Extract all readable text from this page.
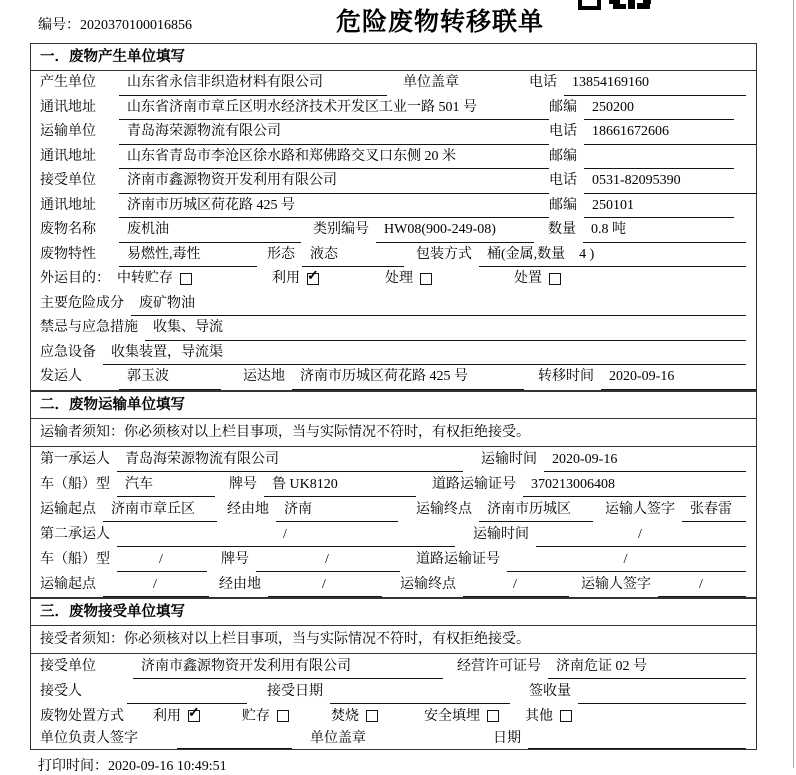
编号：2020370100016856	危险废物转移联单
一．废物产生单位填写
产生单位	山东省永信非织造材料有限公司	单位盖章	电话	13854169160
通讯地址	山东省济南市章丘区明水经济技术开发区工业一路 501 号	邮编	250200
运输单位	青岛海荣源物流有限公司	电话	18661672606
通讯地址	山东省青岛市李沧区徐水路和郑佛路交叉口东侧 20 米	邮编
接受单位	济南市鑫源物资开发利用有限公司	电话	0531-82095390
通讯地址	济南市历城区荷花路 425 号	邮编	250101
废物名称	废机油	类别编号	HW08(900-249-08)	数量	0.8 吨
废物特性	易燃性,毒性	形态	液态	包装方式	桶(金属,数量　4 )
外运目的： 中转贮存	利用 ✓	处理	处置
主要危险成分	废矿物油
禁忌与应急措施	收集、导流
应急设备	收集装置，导流渠
发运人	郭玉波	运达地	济南市历城区荷花路 425 号	转移时间	2020-09-16
二．废物运输单位填写
运输者须知：你必须核对以上栏目事项，当与实际情况不符时，有权拒绝接受。
第一承运人	青岛海荣源物流有限公司	运输时间	2020-09-16
车（船）型	汽车	牌号	鲁 UK8120	道路运输证号	370213006408
运输起点	济南市章丘区	经由地	济南	运输终点	济南市历城区	运输人签字	张春雷
第二承运人	/	运输时间	/
车（船）型	/	牌号	/	道路运输证号	/
运输起点	/	经由地	/	运输终点	/	运输人签字	/
三．废物接受单位填写
接受者须知：你必须核对以上栏目事项，当与实际情况不符时，有权拒绝接受。
接受单位	济南市鑫源物资开发利用有限公司	经营许可证号	济南危证 02 号
接受人	接受日期	签收量
废物处置方式 利用 ✓	贮存	焚烧	安全填埋	其他
单位负责人签字	单位盖章	日期
打印时间：2020-09-16 10:49:51
